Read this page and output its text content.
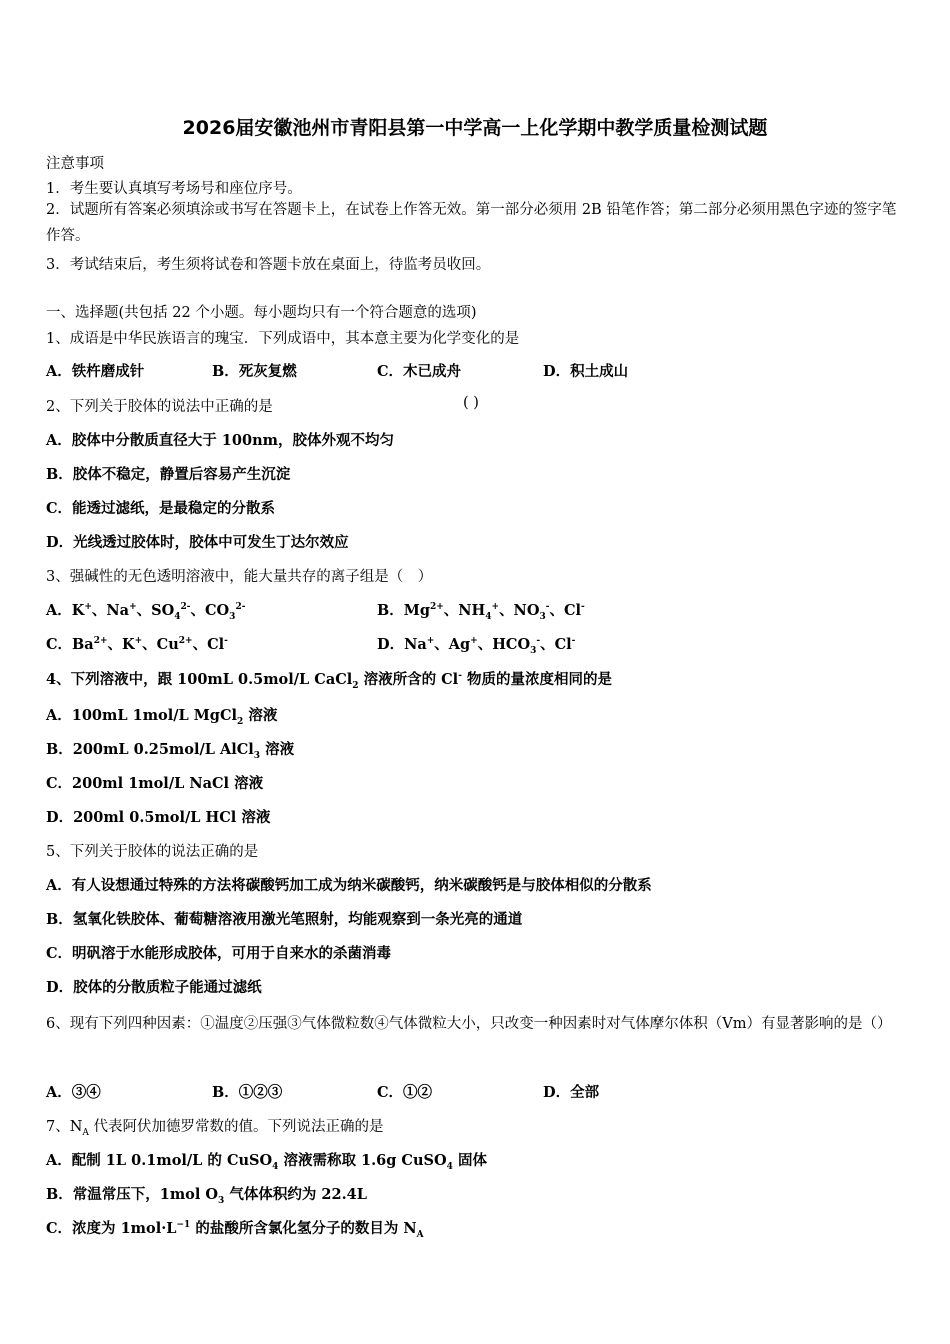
2026届安徽池州市青阳县第一中学高一上化学期中教学质量检测试题
注意事项
1．考生要认真填写考场号和座位序号。
2．试题所有答案必须填涂或书写在答题卡上，在试卷上作答无效。第一部分必须用 2B 铅笔作答；第二部分必须用黑色字迹的签字笔作答。
3．考试结束后，考生须将试卷和答题卡放在桌面上，待监考员收回。
一、选择题(共包括 22 个小题。每小题均只有一个符合题意的选项)
1、成语是中华民族语言的瑰宝．下列成语中，其本意主要为化学变化的是
A．铁杵磨成针	B．死灰复燃	C．木已成舟	D．积土成山
2、下列关于胶体的说法中正确的是	( )
A．胶体中分散质直径大于 100nm，胶体外观不均匀
B．胶体不稳定，静置后容易产生沉淀
C．能透过滤纸，是最稳定的分散系
D．光线透过胶体时，胶体中可发生丁达尔效应
3、强碱性的无色透明溶液中，能大量共存的离子组是（　）
A．K+、Na+、$SO_4^{2-}$、$CO_3^{2-}$	B．$Mg^{2+}$、$NH_4^+$、$NO_3^-$、Cl-
C．$Ba^{2+}$、K+、$Cu^{2+}$、Cl-	D．Na+、Ag+、$HCO_3^-$、Cl-
4、下列溶液中，跟 100mL 0.5mol/L CaCl$_2$ 溶液所含的 Cl- 物质的量浓度相同的是
A．100mL 1mol/L MgCl$_2$ 溶液
B．200mL 0.25mol/L AlCl$_3$ 溶液
C．200ml 1mol/L NaCl 溶液
D．200ml 0.5mol/L HCl 溶液
5、下列关于胶体的说法正确的是
A．有人设想通过特殊的方法将碳酸钙加工成为纳米碳酸钙，纳米碳酸钙是与胶体相似的分散系
B．氢氧化铁胶体、葡萄糖溶液用激光笔照射，均能观察到一条光亮的通道
C．明矾溶于水能形成胶体，可用于自来水的杀菌消毒
D．胶体的分散质粒子能通过滤纸
6、现有下列四种因素：①温度②压强③气体微粒数④气体微粒大小，只改变一种因素时对气体摩尔体积（Vm）有显著影响的是（）
A．③④	B．①②③	C．①②	D．全部
7、$N_A$ 代表阿伏加德罗常数的值。下列说法正确的是
A．配制 1L 0.1mol/L 的 CuSO$_4$ 溶液需称取 1.6g CuSO$_4$ 固体
B．常温常压下，1mol $O_3$ 气体体积约为 22.4L
C．浓度为 $1mol\cdot L^{-1}$ 的盐酸所含氯化氢分子的数目为 $N_A$
